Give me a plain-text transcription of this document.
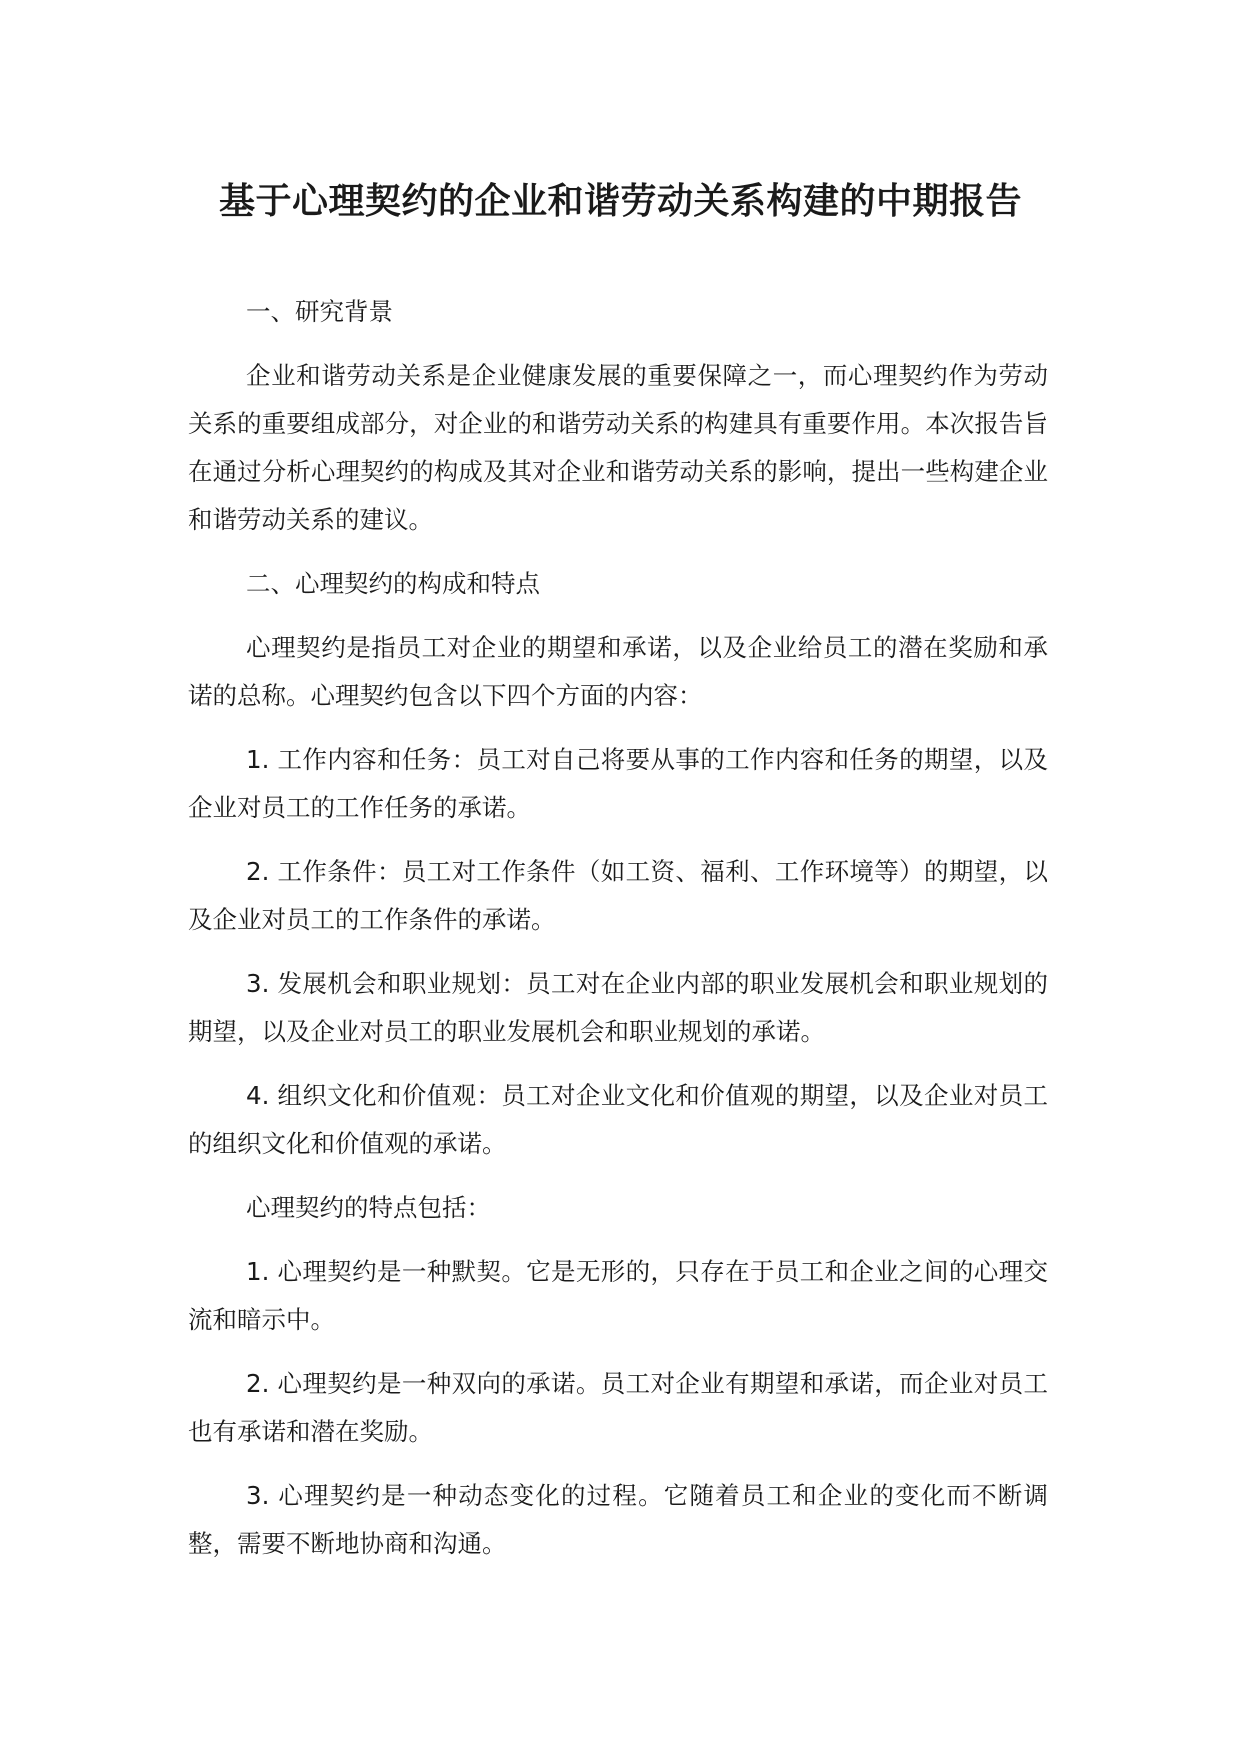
基于心理契约的企业和谐劳动关系构建的中期报告

一、研究背景

企业和谐劳动关系是企业健康发展的重要保障之一，而心理契约作为劳动关系的重要组成部分，对企业的和谐劳动关系的构建具有重要作用。本次报告旨在通过分析心理契约的构成及其对企业和谐劳动关系的影响，提出一些构建企业和谐劳动关系的建议。

二、心理契约的构成和特点

心理契约是指员工对企业的期望和承诺，以及企业给员工的潜在奖励和承诺的总称。心理契约包含以下四个方面的内容：

1. 工作内容和任务：员工对自己将要从事的工作内容和任务的期望，以及企业对员工的工作任务的承诺。

2. 工作条件：员工对工作条件（如工资、福利、工作环境等）的期望，以及企业对员工的工作条件的承诺。

3. 发展机会和职业规划：员工对在企业内部的职业发展机会和职业规划的期望，以及企业对员工的职业发展机会和职业规划的承诺。

4. 组织文化和价值观：员工对企业文化和价值观的期望，以及企业对员工的组织文化和价值观的承诺。

心理契约的特点包括：

1. 心理契约是一种默契。它是无形的，只存在于员工和企业之间的心理交流和暗示中。

2. 心理契约是一种双向的承诺。员工对企业有期望和承诺，而企业对员工也有承诺和潜在奖励。

3. 心理契约是一种动态变化的过程。它随着员工和企业的变化而不断调整，需要不断地协商和沟通。
